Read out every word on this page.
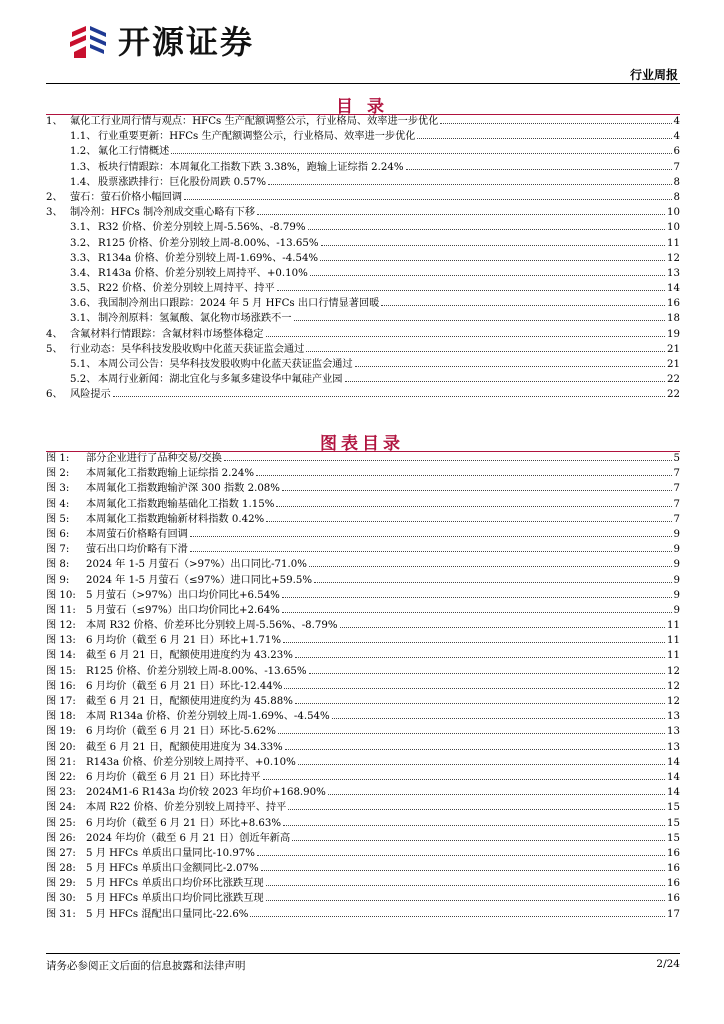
开源证券
行业周报
目 录
1、 氟化工行业周行情与观点：HFCs 生产配额调整公示，行业格局、效率进一步优化	4
1.1、 行业重要更新：HFCs 生产配额调整公示，行业格局、效率进一步优化	4
1.2、 氟化工行情概述	6
1.3、 板块行情跟踪：本周氟化工指数下跌 3.38%，跑输上证综指 2.24%	7
1.4、 股票涨跌排行：巨化股份周跌 0.57%	8
2、 萤石：萤石价格小幅回调	8
3、 制冷剂：HFCs 制冷剂成交重心略有下移	10
3.1、 R32 价格、价差分别较上周-5.56%、-8.79%	10
3.2、 R125 价格、价差分别较上周-8.00%、-13.65%	11
3.3、 R134a 价格、价差分别较上周-1.69%、-4.54%	12
3.4、 R143a 价格、价差分别较上周持平、+0.10%	13
3.5、 R22 价格、价差分别较上周持平、持平	14
3.6、 我国制冷剂出口跟踪：2024 年 5 月 HFCs 出口行情显著回暖	16
3.1、 制冷剂原料：氢氟酸、氯化物市场涨跌不一	18
4、 含氟材料行情跟踪：含氟材料市场整体稳定	19
5、 行业动态：昊华科技发股收购中化蓝天获证监会通过	21
5.1、 本周公司公告：昊华科技发股收购中化蓝天获证监会通过	21
5.2、 本周行业新闻：湖北宜化与多氟多建设华中氟硅产业园	22
6、 风险提示	22
图表目录
图 1:	部分企业进行了品种交易/交换	5
图 2:	本周氟化工指数跑输上证综指 2.24%	7
图 3:	本周氟化工指数跑输沪深 300 指数 2.08%	7
图 4:	本周氟化工指数跑输基础化工指数 1.15%	7
图 5:	本周氟化工指数跑输新材料指数 0.42%	7
图 6:	本周萤石价格略有回调	9
图 7:	萤石出口均价略有下滑	9
图 8:	2024 年 1-5 月萤石（>97%）出口同比-71.0%	9
图 9:	2024 年 1-5 月萤石（≤97%）进口同比+59.5%	9
图 10: 5 月萤石（>97%）出口均价同比+6.54%	9
图 11: 5 月萤石（≤97%）出口均价同比+2.64%	9
图 12: 本周 R32 价格、价差环比分别较上周-5.56%、-8.79%	11
图 13: 6 月均价（截至 6 月 21 日）环比+1.71%	11
图 14: 截至 6 月 21 日，配额使用进度约为 43.23%	11
图 15: R125 价格、价差分别较上周-8.00%、-13.65%	12
图 16: 6 月均价（截至 6 月 21 日）环比-12.44%	12
图 17: 截至 6 月 21 日，配额使用进度约为 45.88%	12
图 18: 本周 R134a 价格、价差分别较上周-1.69%、-4.54%	13
图 19: 6 月均价（截至 6 月 21 日）环比-5.62%	13
图 20: 截至 6 月 21 日，配额使用进度为 34.33%	13
图 21: R143a 价格、价差分别较上周持平、+0.10%	14
图 22: 6 月均价（截至 6 月 21 日）环比持平	14
图 23: 2024M1-6 R143a 均价较 2023 年均价+168.90%	14
图 24: 本周 R22 价格、价差分别较上周持平、持平	15
图 25: 6 月均价（截至 6 月 21 日）环比+8.63%	15
图 26: 2024 年均价（截至 6 月 21 日）创近年新高	15
图 27: 5 月 HFCs 单质出口量同比-10.97%	16
图 28: 5 月 HFCs 单质出口金额同比-2.07%	16
图 29: 5 月 HFCs 单质出口均价环比涨跌互现	16
图 30: 5 月 HFCs 单质出口均价同比涨跌互现	16
图 31: 5 月 HFCs 混配出口量同比-22.6%	17
请务必参阅正文后面的信息披露和法律声明	2/24
